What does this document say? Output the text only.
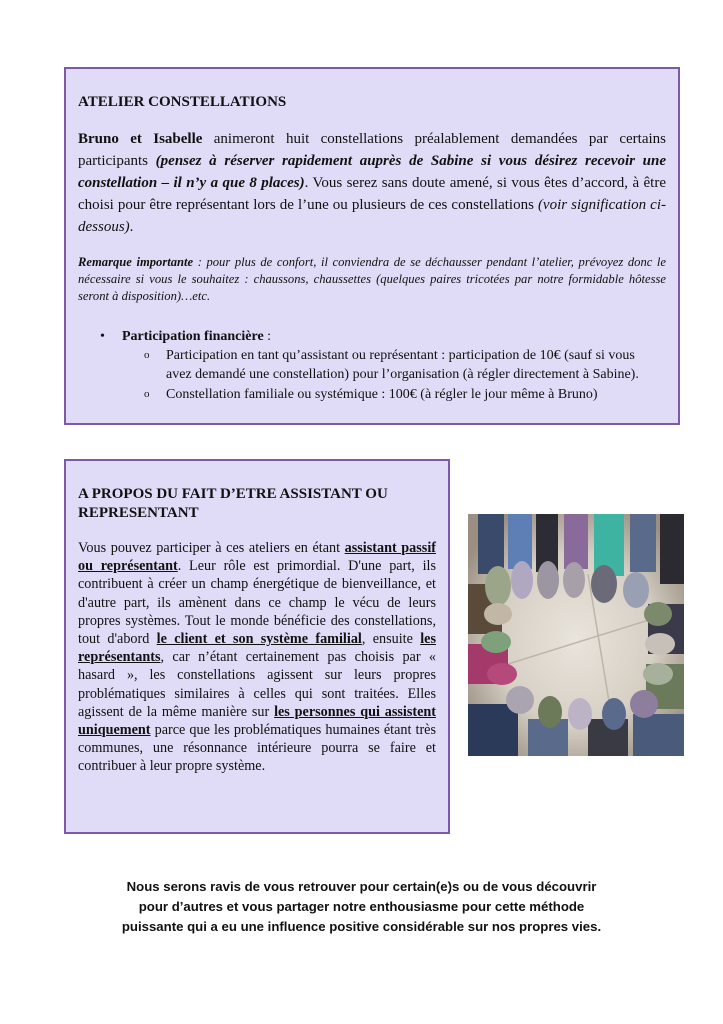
ATELIER CONSTELLATIONS

Bruno et Isabelle animeront huit constellations préalablement demandées par certains participants (pensez à réserver rapidement auprès de Sabine si vous désirez recevoir une constellation – il n’y a que 8 places). Vous serez sans doute amené, si vous êtes d’accord, à être choisi pour être représentant lors de l’une ou plusieurs de ces constellations (voir signification ci-dessous).

Remarque importante : pour plus de confort, il conviendra de se déchausser pendant l’atelier, prévoyez donc le nécessaire si vous le souhaitez : chaussons, chaussettes (quelques paires tricotées par notre formidable hôtesse seront à disposition)…etc.

• Participation financière :
o Participation en tant qu’assistant ou représentant : participation de 10€ (sauf si vous avez demandé une constellation) pour l’organisation (à régler directement à Sabine).
o Constellation familiale ou systémique : 100€ (à régler le jour même à Bruno)
A PROPOS DU FAIT D’ETRE ASSISTANT OU REPRESENTANT

Vous pouvez participer à ces ateliers en étant assistant passif ou représentant. Leur rôle est primordial. D'une part, ils contribuent à créer un champ énergétique de bienveillance, et d'autre part, ils amènent dans ce champ le vécu de leurs propres systèmes. Tout le monde bénéficie des constellations, tout d'abord le client et son système familial, ensuite les représentants, car n’étant certainement pas choisis par « hasard », les constellations agissent sur leurs propres problématiques similaires à celles qui sont traitées. Elles agissent de la même manière sur les personnes qui assistent uniquement parce que les problématiques humaines étant très communes, une résonnance intérieure pourra se faire et contribuer à leur propre système.

Nous serons ravis de vous retrouver pour certain(e)s ou de vous découvrir
pour d’autres et vous partager notre enthousiasme pour cette méthode
puissante qui a eu une influence positive considérable sur nos propres vies.
